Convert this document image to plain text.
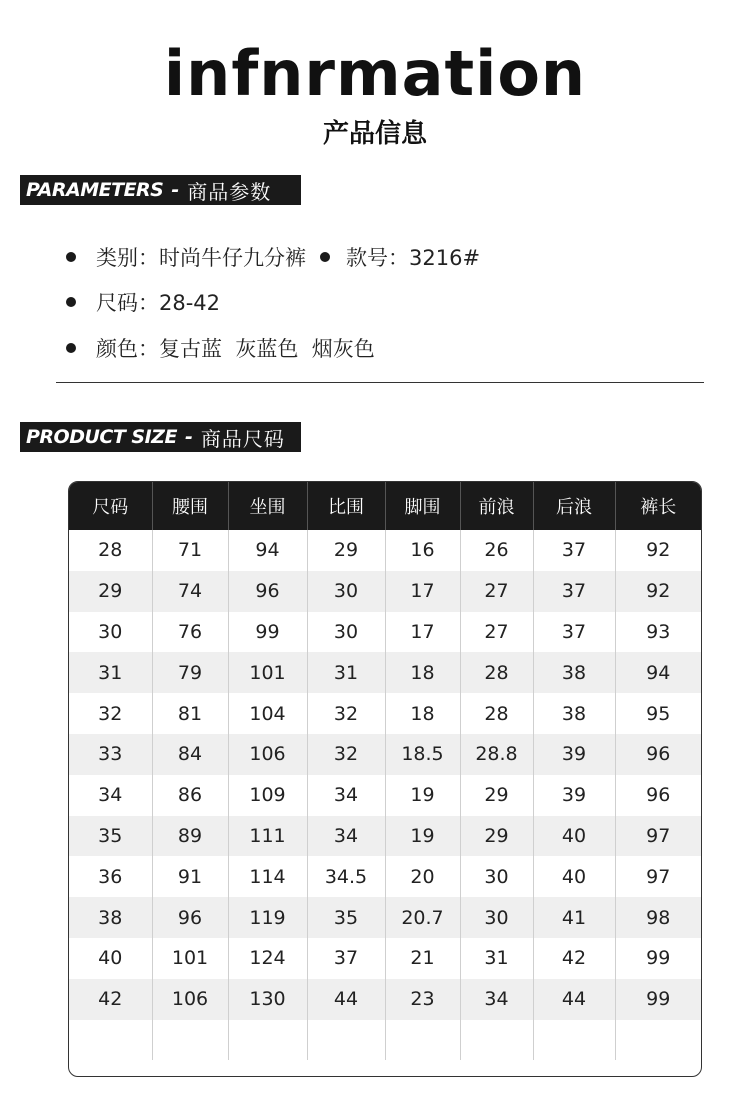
infnrmation
产品信息
PARAMETERS - 商品参数
类别：时尚牛仔九分裤 款号：3216#
尺码：28-42
颜色：复古蓝  灰蓝色  烟灰色
PRODUCT SIZE - 商品尺码
尺码	腰围	坐围	比围	脚围	前浪	后浪	裤长
28	71	94	29	16	26	37	92
29	74	96	30	17	27	37	92
30	76	99	30	17	27	37	93
31	79	101	31	18	28	38	94
32	81	104	32	18	28	38	95
33	84	106	32	18.5	28.8	39	96
34	86	109	34	19	29	39	96
35	89	111	34	19	29	40	97
36	91	114	34.5	20	30	40	97
38	96	119	35	20.7	30	41	98
40	101	124	37	21	31	42	99
42	106	130	44	23	34	44	99
